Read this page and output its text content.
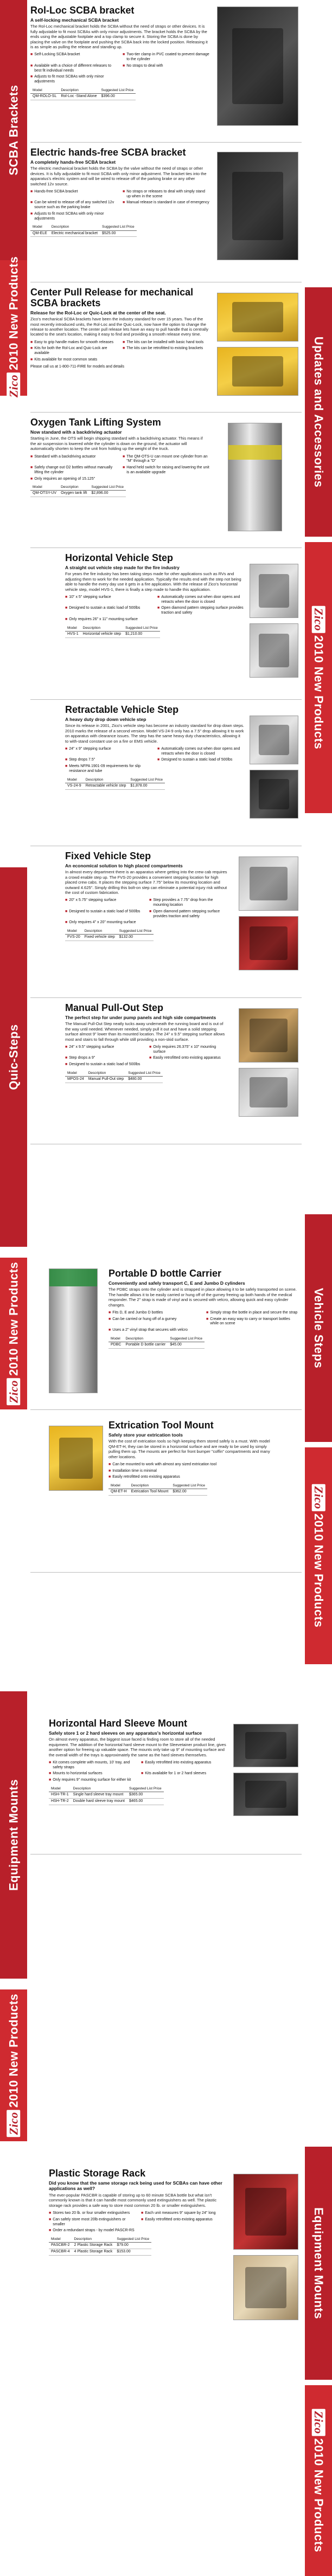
SCBA Brackets
Zico2010 New Products
Quic-Steps
Zico2010 New Products
Equipment Mounts
Zico2010 New Products
Updates and Accessories
Zico2010 New Products
Vehicle Steps
Zico2010 New Products
Equipment Mounts
Zico2010 New Products
Rol-Loc SCBA bracket
A self-locking mechanical SCBA bracket
The Rol-Loc mechanical bracket holds the SCBA without the need of straps or other devices. It is fully adjustable to fit most SCBAs with only minor adjustments. The bracket holds the SCBA by the ends using the adjustable footplate and a top clamp to secure it. Storing the SCBA is done by placing the valve on the footplate and pushing the SCBA back into the locked position. Releasing it is as simple as pulling the release and standing up.
■ Self-Locking SCBA bracket	■ Two-tier clamp in PVC coated to prevent damage to the cylinder
■ Available with a choice of different releases to best fit individual needs
■ No straps to deal with
■ Adjusts to fit most SCBAs with only minor adjustments
Model	Description	Suggested List Price
QM-ROLO-SL	Rol-Loc -Stand Alone	$396.00
Electric hands-free SCBA bracket
A completely hands-free SCBA bracket
The electric mechanical bracket holds the SCBA by the valve without the need of straps or other devices. It is fully adjustable to fit most SCBA with only minor adjustment. The bracket ties into the apparatus's electric system and will be wired to release off of the parking brake or any other switched 12v source.
■ Hands-free SCBA bracket	■ No straps or releases to deal with simply stand up when in the scene
■ Can be wired to release off of any switched 12v source such as the parking brake
■ Manual release is standard in case of emergency
■ Adjusts to fit most SCBAs with only minor adjustments
Model	Description	Suggested List Price
QM-ELE	Electric mechanical bracket	$525.00
Center Pull Release for mechanical SCBA brackets
Release for the Rol-Loc or Quic-Lock at the center of the seat.
Zico's mechanical SCBA brackets have been the industry standard for over 15 years. Two of the most recently introduced units, the Rol-Loc and the Quic-Lock, now have the option to change the release to another location. The center pull release lets have an easy to pull handle that is centrally located to the seat's location, making it easy to find and providing a smooth release every time.
■ Easy to grip handle makes for smooth releases ■ The kits can be installed with basic hand tools
■ Kits for both the Rol-Loc and Quic-Lock are available
■ The kits can be retrofitted to existing brackets
■ Kits available for most common seats
Please call us at 1-800-711-FIRE for models and details
Oxygen Tank Lifting System
Now standard with a backdriving actuator
Starting in June, the OTS will begin shipping standard with a backdriving actuator. This means if the air suspension is lowered while the cylinder is down on the ground, the actuator will automatically shorten to keep the unit from holding up the weight of the truck.
■ Standard with a backdriving actuator	■ The QM-OTS-U can mount one cylinder from an "M" through a "D"
■ Safely change out O2 bottles without manually lifting the cylinder
■ Hand held switch for raising and lowering the unit is an available upgrade
■ Only requires an opening of 15.125"
Model	Description	Suggested List Price
QM-OTSY-UV	Oxygen tank lift	$2,896.00
Horizontal Vehicle Step
A straight out vehicle step made for the fire industry
For years the fire industry has been taking steps made for other applications such as RVs and adjusting them to work for the needed application. Typically the results end with the step not being able to handle the every day use it gets in a fire application. With the release of Zico's horizontal vehicle step, model HVS-1, there is finally a step made to handle this application.
■ 10" x 5" stepping surface	■ Automatically comes out when door opens and retracts when the door is closed
■ Designed to sustain a static load of 500lbs	■ Open diamond pattern stepping surface provides traction and safety
■ Only requires 26" x 11" mounting surface
Model	Description	Suggested List Price
HVS-1	Horizontal vehicle step	$1,210.00
Retractable Vehicle Step
A heavy duty drop down vehicle step
Since its release in 2001, Zico's vehicle step has become an industry standard for drop down steps. 2010 marks the release of a second version. Model VS-24-9 only has a 7.5" drop allowing it to work on apparatus with clearance issues. The step has the same heavy duty characteristics, allowing it to with-stand constant use on a fire or EMS vehicle.
■ 24" x 9" stepping surface	■ Automatically comes out when door opens and retracts when the door is closed
■ Step drops 7.5"	■ Designed to sustain a static load of 500lbs
■ Meets NFPA 1901-09 requirements for slip resistance and tube
Model	Description	Suggested List Price
VS-24-9	Retractable vehicle step	$1,878.00
Fixed Vehicle Step
An economical solution to high placed compartments
In almost every department there is an apparatus where getting into the crew cab requires a crowd enable step up. The FVS-20 provides a convenient stepping location for high placed crew cabs. It places the stepping surface 7.75" below its mounting location and outward 4.625". Simply drilling this bolt-on step can eliminate a potential injury risk without the cost of custom fabrication.
■ 20" x 5.75" stepping surface	■ Step provides a 7.75" drop from the mounting location
■ Designed to sustain a static load of 500lbs ■ Open diamond pattern stepping surface provides traction and safety
■ Only requires 4" x 20" mounting surface
Model	Description	Suggested List Price
FVS-20	Fixed vehicle step	$132.00
Manual Pull-Out Step
The perfect step for under pump panels and high side compartments
The Manual Pull-Out Step neatly tucks away underneath the running board and is out of the way until needed. Whenever needed, simply pull it out and have a solid stepping surface almost 9" lower than its mounted location. The 24" x 9.5" stepping surface allows most and stairs to fall through while still providing a non-skid surface.
■ 24" x 9.5" stepping surface	■ Only requires 26.375" x 10" mounting surface
■ Step drops a 9"	■ Easily retrofitted onto existing apparatus
■ Designed to sustain a static load of 500lbs
Model	Description	Suggested List Price
MPOS-24	Manual Pull-Out step	$480.00
Portable D bottle Carrier
Conveniently and safely transport C, E and Jumbo D cylinders
The PDBC straps onto the cylinder and is strapped in place allowing it to be safely transported on scene. The handle allows it to be easily carried or hung off of the gurney freeing up both hands of the medical responder. The 2" strap is made of vinyl and is secured with velcro, allowing quick and easy cylinder changes.
■ Fits D, E and Jumbo D bottles	■ Simply strap the bottle in place and secure the strap
■ Can be carried or hung off of a gurney	■ Create an easy way to carry or transport bottles while on scene
■ Uses a 2" vinyl strap that secures with velcro
Model	Description	Suggested List Price
PDBC	Portable D bottle carrier	$45.00
Extrication Tool Mount
Safely store your extrication tools
With the cost of extrication tools so high keeping them stored safely is a must. With model QM-ET-H, they can be stored in a horizontal surface and are ready to be used by simply pulling them up. The mounts are perfect for front bumper "coffin" compartments and many other locations.
■ Can be mounted to work with almost any sized extrication tool
■ Installation time is minimal
■ Easily retrofitted onto existing apparatus
Model	Description	Suggested List Price
QM-ET-H	Extrication Tool Mount	$362.00
Horizontal Hard Sleeve Mount
Safely store 1 or 2 hard sleeves on any apparatus's horizontal surface
On almost every apparatus, the biggest issue faced is finding room to store all of the needed equipment. The addition of the horizontal hard sleeve mount to the Sleevetainer product line, gives another option for freeing up valuable space. The mounts only take up 9" of mounting surface and the overall width of the trays is approximately the same as the hard sleeves themselves.
■ Kit comes complete with mounts, 10' tray, and safety straps
■ Easily retrofitted into existing apparatus
■ Mounts to horizontal surfaces	■ Kits available for 1 or 2 hard sleeves
■ Only requires 9" mounting surface for either kit
Model	Description	Suggested List Price
HSH-TR-1	Single hard sleeve tray mount	$365.00
HSH-TR-2	Double hard sleeve tray mount	$465.00
Plastic Storage Rack
Did you know that the same storage rack being used for SCBAs can have other applications as well?
The ever-popular PASCBR is capable of storing up to 60 minute SCBA bottle but what isn't commonly known is that it can handle most commonly used extinguishers as well. The plastic storage rack provides a safe way to store most common 20 lb. or smaller extinguishers.
■ Stores two 20 lb. or four smaller extinguishers	■ Each unit measures 9" square by 24" long
■ Can safely store most 20lb extinguishers or smaller
■ Easily retrofitted onto existing apparatus
■ Order a redundant straps - by model PASCR-RS
Model	Description	Suggested List Price
PASCBR-2	2 Plastic Storage Rack	$79.00
PASCBR-4	4 Plastic Storage Rack	$153.00
